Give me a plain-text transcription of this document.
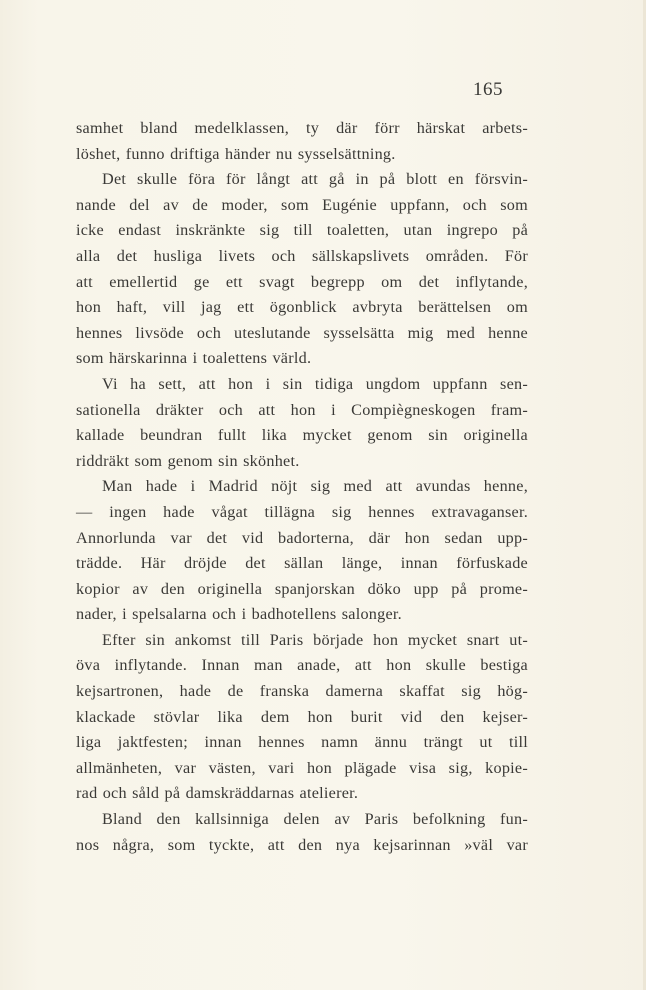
165
samhet bland medelklassen, ty där förr härskat arbets-
löshet, funno driftiga händer nu sysselsättning.
Det skulle föra för långt att gå in på blott en försvin-
nande del av de moder, som Eugénie uppfann, och som
icke endast inskränkte sig till toaletten, utan ingrepo på
alla det husliga livets och sällskapslivets områden. För
att emellertid ge ett svagt begrepp om det inflytande,
hon haft, vill jag ett ögonblick avbryta berättelsen om
hennes livsöde och uteslutande sysselsätta mig med henne
som härskarinna i toalettens värld.
Vi ha sett, att hon i sin tidiga ungdom uppfann sen-
sationella dräkter och att hon i Compiègneskogen fram-
kallade beundran fullt lika mycket genom sin originella
riddräkt som genom sin skönhet.
Man hade i Madrid nöjt sig med att avundas henne,
— ingen hade vågat tillägna sig hennes extravaganser.
Annorlunda var det vid badorterna, där hon sedan upp-
trädde. Här dröjde det sällan länge, innan förfuskade
kopior av den originella spanjorskan döko upp på prome-
nader, i spelsalarna och i badhotellens salonger.
Efter sin ankomst till Paris började hon mycket snart ut-
öva inflytande. Innan man anade, att hon skulle bestiga
kejsartronen, hade de franska damerna skaffat sig hög-
klackade stövlar lika dem hon burit vid den kejser-
liga jaktfesten; innan hennes namn ännu trängt ut till
allmänheten, var västen, vari hon plägade visa sig, kopie-
rad och såld på damskräddarnas atelierer.
Bland den kallsinniga delen av Paris befolkning fun-
nos några, som tyckte, att den nya kejsarinnan »väl var
